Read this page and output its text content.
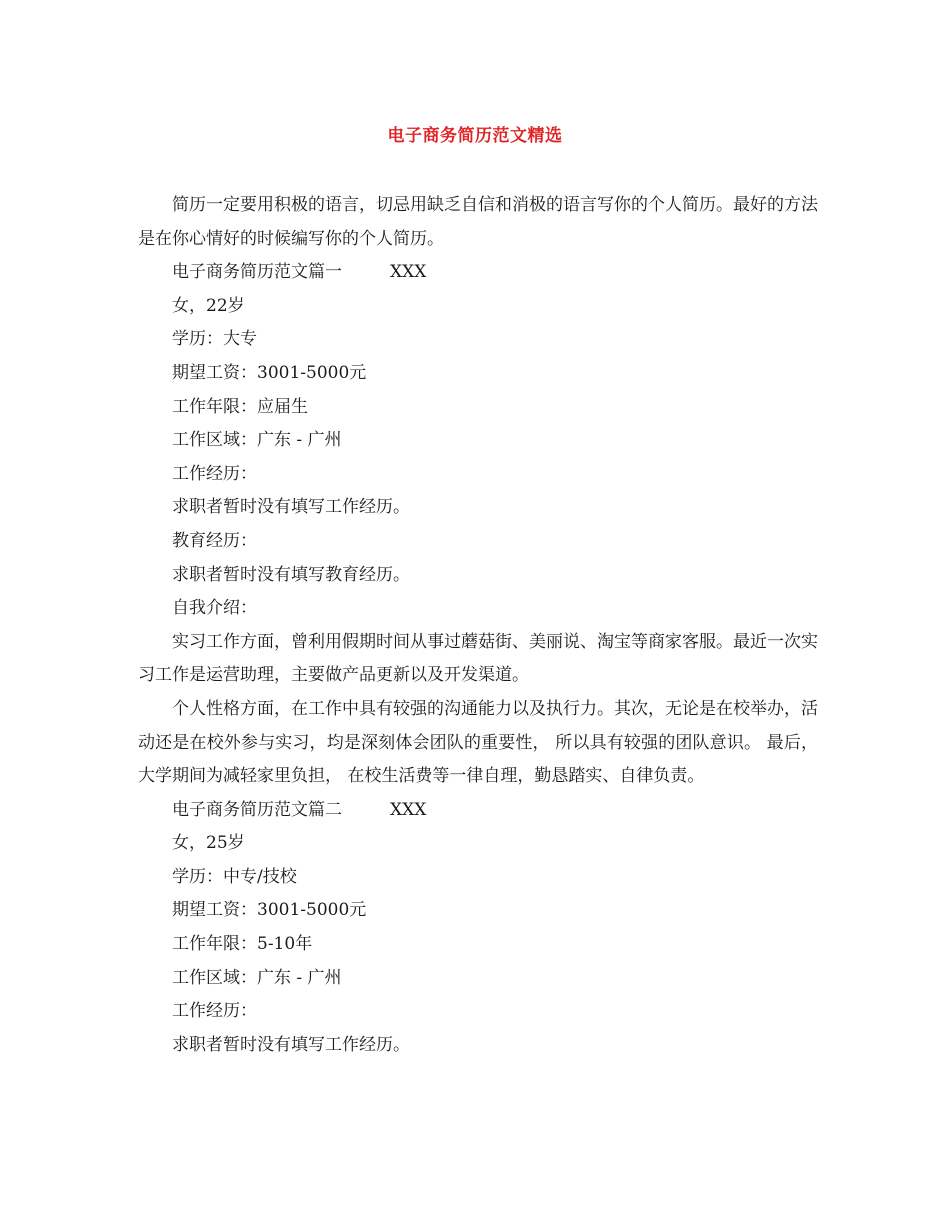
电子商务简历范文精选

简历一定要用积极的语言，切忌用缺乏自信和消极的语言写你的个人简历。最好的方法是在你心情好的时候编写你的个人简历。

电子商务简历范文篇一	XXX

女，22岁

学历：大专

期望工资：3001-5000元

工作年限：应届生

工作区域：广东 - 广州

工作经历：

求职者暂时没有填写工作经历。

教育经历：

求职者暂时没有填写教育经历。

自我介绍：

实习工作方面，曾利用假期时间从事过蘑菇街、美丽说、淘宝等商家客服。最近一次实习工作是运营助理，主要做产品更新以及开发渠道。

个人性格方面，在工作中具有较强的沟通能力以及执行力。其次，无论是在校举办，活动还是在校外参与实习，均是深刻体会团队的重要性， 所以具有较强的团队意识。 最后，大学期间为减轻家里负担， 在校生活费等一律自理，勤恳踏实、自律负责。

电子商务简历范文篇二	XXX

女，25岁

学历：中专/技校

期望工资：3001-5000元

工作年限：5-10年

工作区域：广东 - 广州

工作经历：

求职者暂时没有填写工作经历。
